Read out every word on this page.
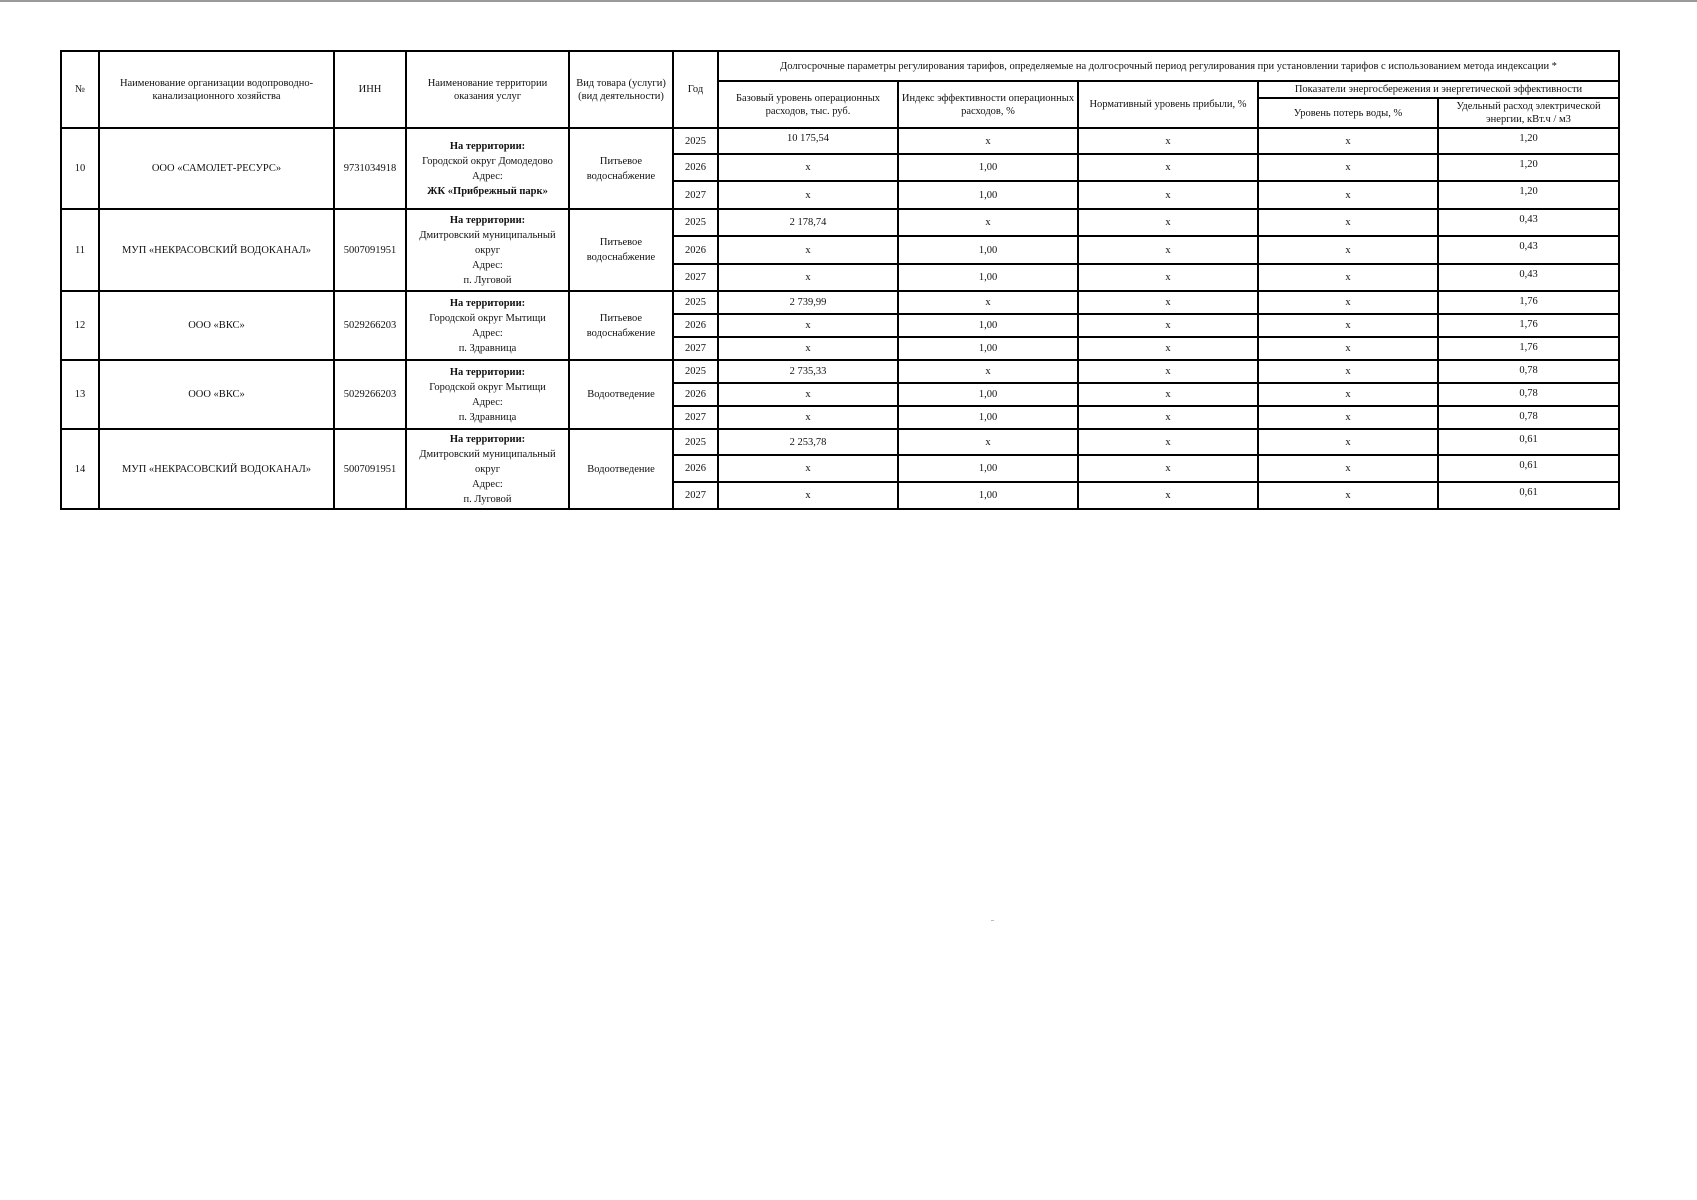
№	Наименование организации водопроводно-канализационного хозяйства	ИНН	Наименование территории оказания услуг	Вид товара (услуги) (вид деятельности)	Год	Долгосрочные параметры регулирования тарифов, определяемые на долгосрочный период регулирования при установлении тарифов с использованием метода индексации *				
						Базовый уровень операционных расходов, тыс. руб.	Индекс эффективности операционных расходов, %	Нормативный уровень прибыли, %	Показатели энергосбережения и энергетической эффективности	
									Уровень потерь воды, %	Удельный расход электрической энергии, кВт.ч / м3
10	ООО «САМОЛЕТ-РЕСУРС»	9731034918	На территории:
Городской округ Домодедово
Адрес:
ЖК «Прибрежный парк»	Питьевое водоснабжение	2025	10 175,54	x	x	x	1,20
					2026	x	1,00	x	x	1,20
					2027	x	1,00	x	x	1,20
11	МУП «НЕКРАСОВСКИЙ ВОДОКАНАЛ»	5007091951	На территории:
Дмитровский муниципальный округ
Адрес:
п. Луговой	Питьевое водоснабжение	2025	2 178,74	x	x	x	0,43
					2026	x	1,00	x	x	0,43
					2027	x	1,00	x	x	0,43
12	ООО «ВКС»	5029266203	На территории:
Городской округ Мытищи
Адрес:
п. Здравница	Питьевое водоснабжение	2025	2 739,99	x	x	x	1,76
					2026	x	1,00	x	x	1,76
					2027	x	1,00	x	x	1,76
13	ООО «ВКС»	5029266203	На территории:
Городской округ Мытищи
Адрес:
п. Здравница	Водоотведение	2025	2 735,33	x	x	x	0,78
					2026	x	1,00	x	x	0,78
					2027	x	1,00	x	x	0,78
14	МУП «НЕКРАСОВСКИЙ ВОДОКАНАЛ»	5007091951	На территории:
Дмитровский муниципальный округ
Адрес:
п. Луговой	Водоотведение	2025	2 253,78	x	x	x	0,61
					2026	x	1,00	x	x	0,61
					2027	x	1,00	x	x	0,61
